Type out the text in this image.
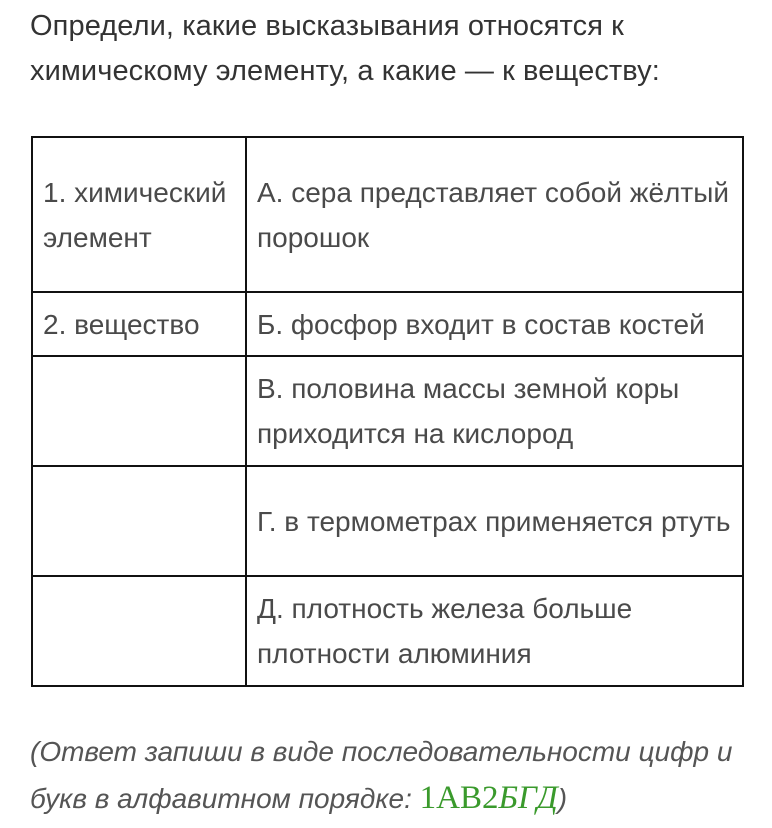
Определи, какие высказывания относятся к химическому элементу, а какие — к веществу:
1. химический элемент	А. сера представляет собой жёлтый порошок

2. вещество	Б. фосфор входит в состав костей

	В. половина массы земной коры приходится на кислород

	Г. в термометрах применяется ртуть

	Д. плотность железа больше плотности алюминия
(Ответ запиши в виде последовательности цифр и букв в алфавитном порядке: 1АВ2БГД)
